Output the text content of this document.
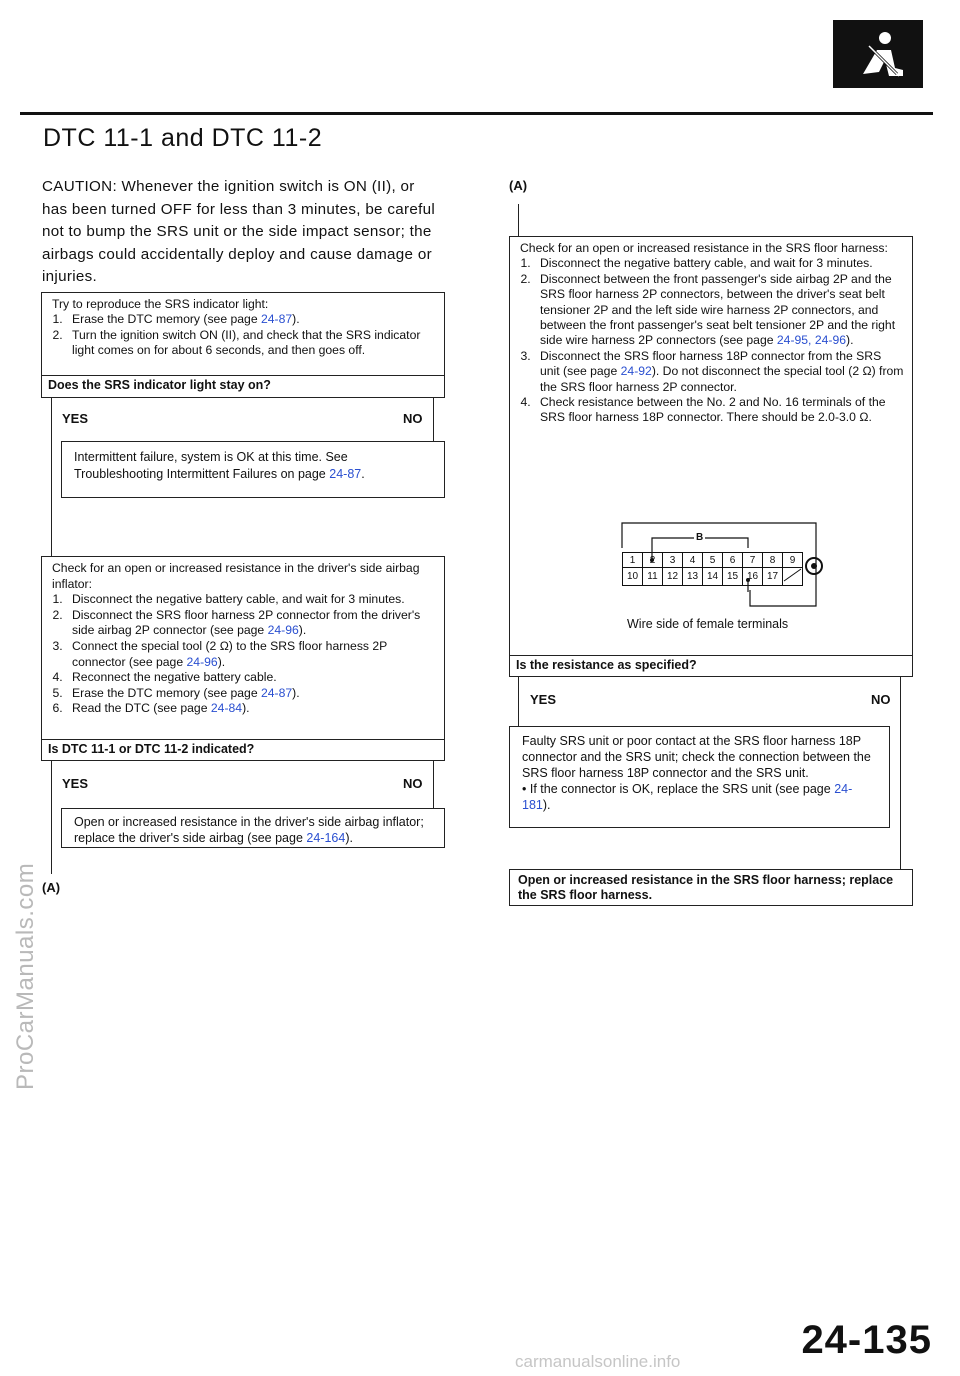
DTC 11-1 and DTC 11-2
CAUTION: Whenever the ignition switch is ON (II), or
has been turned OFF for less than 3 minutes, be careful
not to bump the SRS unit or the side impact sensor; the
airbags could accidentally deploy and cause damage or
injuries.
Try to reproduce the SRS indicator light:
1. Erase the DTC memory (see page 24-87).
2. Turn the ignition switch ON (II), and check that the SRS indicator light comes on for about 6 seconds, and then goes off.
Does the SRS indicator light stay on?
YES	NO
Intermittent failure, system is OK at this time. See Troubleshooting Intermittent Failures on page 24-87.
Check for an open or increased resistance in the driver's side airbag inflator:
1. Disconnect the negative battery cable, and wait for 3 minutes.
2. Disconnect the SRS floor harness 2P connector from the driver's side airbag 2P connector (see page 24-96).
3. Connect the special tool (2 Ω) to the SRS floor harness 2P connector (see page 24-96).
4. Reconnect the negative battery cable.
5. Erase the DTC memory (see page 24-87).
6. Read the DTC (see page 24-84).
Is DTC 11-1 or DTC 11-2 indicated?
YES	NO
Open or increased resistance in the driver's side airbag inflator; replace the driver's side airbag (see page 24-164).
(A)
(A)
Check for an open or increased resistance in the SRS floor harness:
1. Disconnect the negative battery cable, and wait for 3 minutes.
2. Disconnect between the front passenger's side airbag 2P and the SRS floor harness 2P connectors, between the driver's seat belt tensioner 2P and the left side wire harness 2P connectors, and between the front passenger's seat belt tensioner 2P and the right side wire harness 2P connectors (see page 24-95, 24-96).
3. Disconnect the SRS floor harness 18P connector from the SRS unit (see page 24-92). Do not disconnect the special tool (2 Ω) from the SRS floor harness 2P connector.
4. Check resistance between the No. 2 and No. 16 terminals of the SRS floor harness 18P connector. There should be 2.0-3.0 Ω.
B
1	2	3	4	5	6	7	8	9
10	11	12	13	14	15	16	17	
Wire side of female terminals
Is the resistance as specified?
YES	NO
Faulty SRS unit or poor contact at the SRS floor harness 18P connector and the SRS unit; check the connection between the SRS floor harness 18P connector and the SRS unit.
• If the connector is OK, replace the SRS unit (see page 24-181).
Open or increased resistance in the SRS floor harness; replace the SRS floor harness.
24-135
ProCarManuals.com
carmanualsonline.info
